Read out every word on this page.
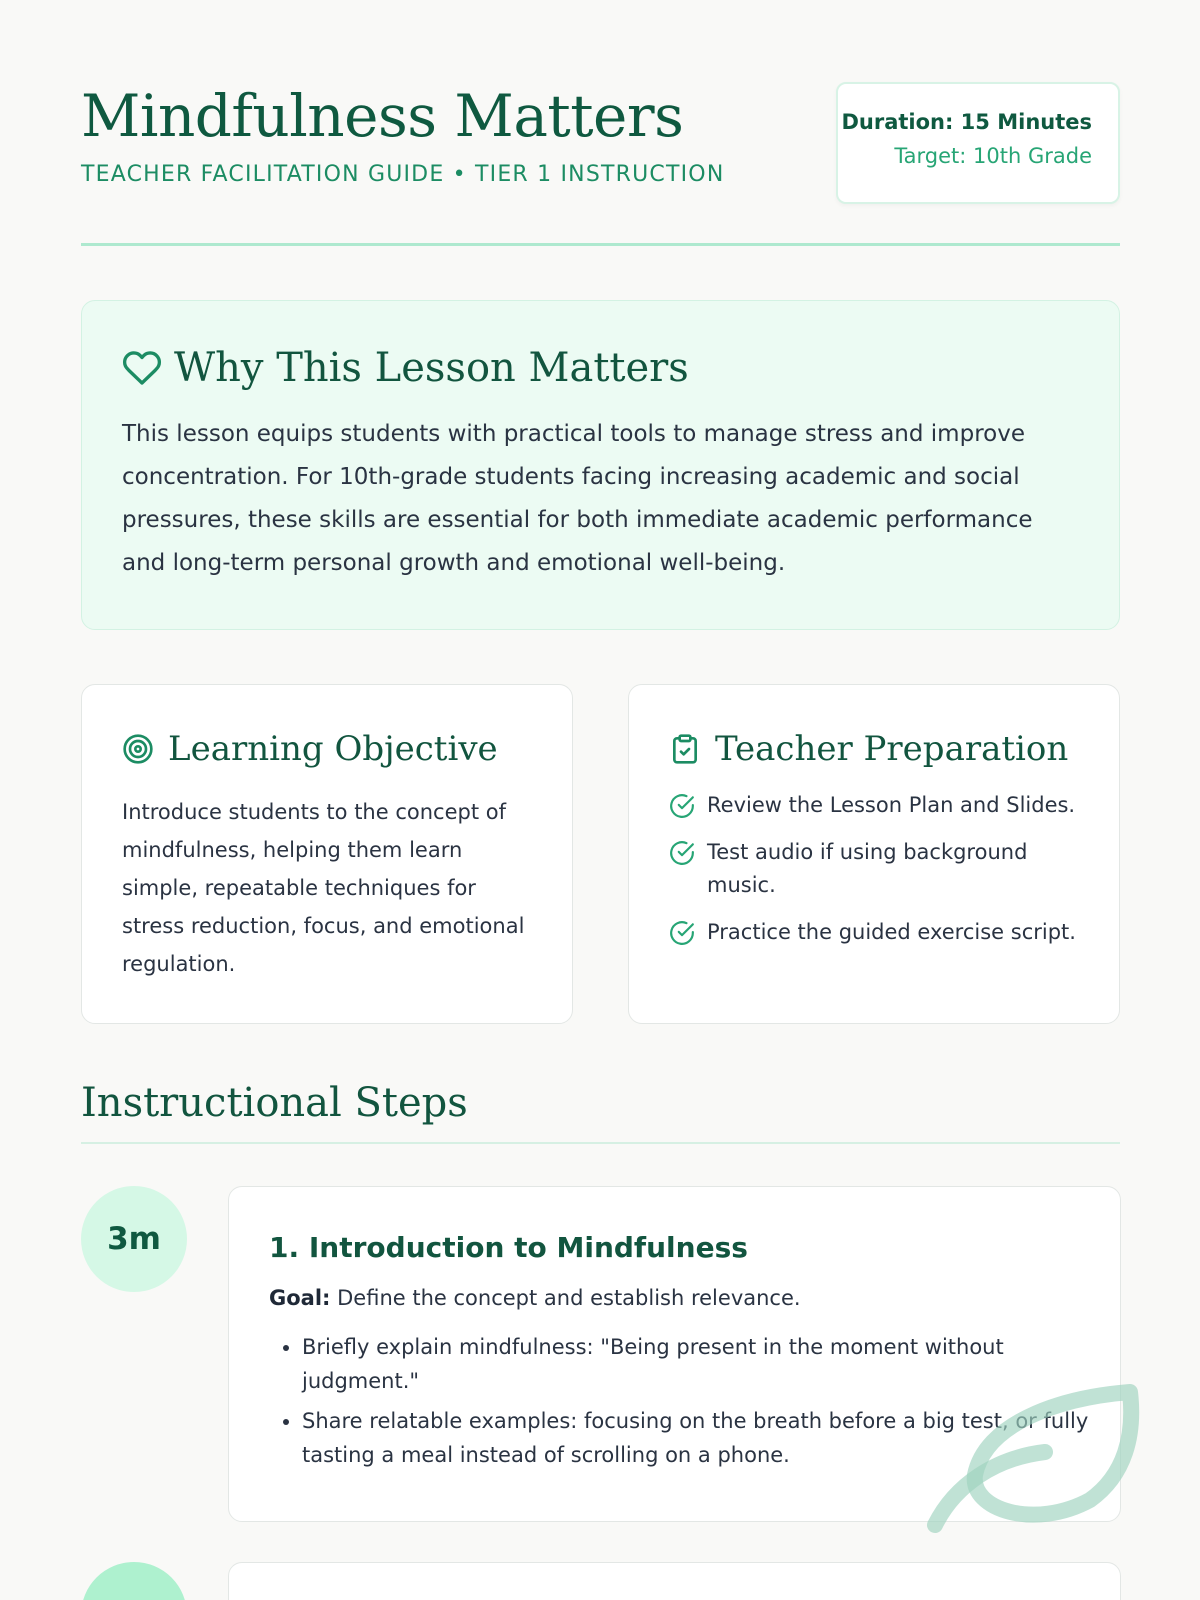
Mindfulness Matters
TEACHER FACILITATION GUIDE • TIER 1 INSTRUCTION
Duration: 15 Minutes
Target: 10th Grade
Why This Lesson Matters

This lesson equips students with practical tools to manage stress and improve concentration. For 10th-grade students facing increasing academic and social pressures, these skills are essential for both immediate academic performance and long-term personal growth and emotional well-being.

Learning Objective

Introduce students to the concept of mindfulness, helping them learn simple, repeatable techniques for stress reduction, focus, and emotional regulation.

Teacher Preparation
Review the Lesson Plan and Slides.
Test audio if using background music.
Practice the guided exercise script.
Instructional Steps
3m	1. Introduction to Mindfulness
Goal: Define the concept and establish relevance.
• Briefly explain mindfulness: "Being present in the moment without judgment."
• Share relatable examples: focusing on the breath before a big test, or fully tasting a meal instead of scrolling on a phone.
